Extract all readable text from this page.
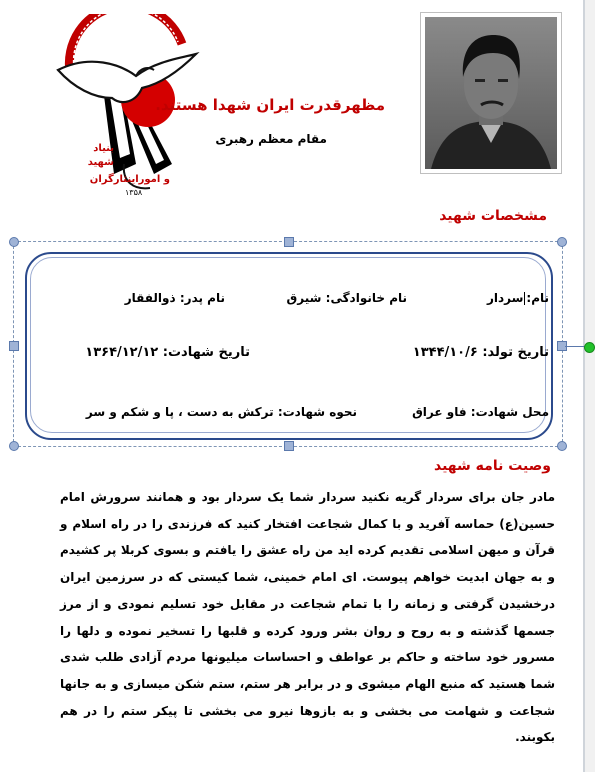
بنیاد
شهید
و اموراینثارگران
۱۳۵۸
مظهرقدرت ایران شهدا هستند.
مقام معظم رهبری
مشخصات شهید
نام:سردار
نام خانوادگی: شیرق
نام پدر: ذوالفقار
تاریخ تولد: ۱۳۴۴/۱۰/۶
تاریخ شهادت: ۱۳۶۴/۱۲/۱۲
محل شهادت: فاو عراق
نحوه شهادت: ترکش به دست ، پا و شکم و سر
وصیت نامه شهید
مادر جان برای سردار گریه نکنید سردار شما یک سردار بود و همانند سرورش امام حسین(ع) حماسه آفرید و با کمال شجاعت افتخار کنید که فرزندی را در راه اسلام و قرآن و میهن اسلامی تقدیم کرده اید من راه عشق را یافتم و بسوی کربلا پر کشیدم و به جهان ابدیت خواهم پیوست. ای امام خمینی، شما کیستی که در سرزمین ایران درخشیدن گرفتی و زمانه را با تمام شجاعت در مقابل خود تسلیم نمودی و از مرز جسمها گذشته و به روح و روان بشر ورود کرده و قلبها را تسخیر نموده و دلها را مسرور خود ساخته و حاکم بر عواطف و احساسات میلیونها مردم آزادی طلب شدی شما هستید که منبع الهام میشوی و در برابر هر ستم، ستم شکن میسازی و به جانها شجاعت و شهامت می بخشی و به بازوها نیرو می بخشی تا پیکر ستم را در هم بکوبند.
